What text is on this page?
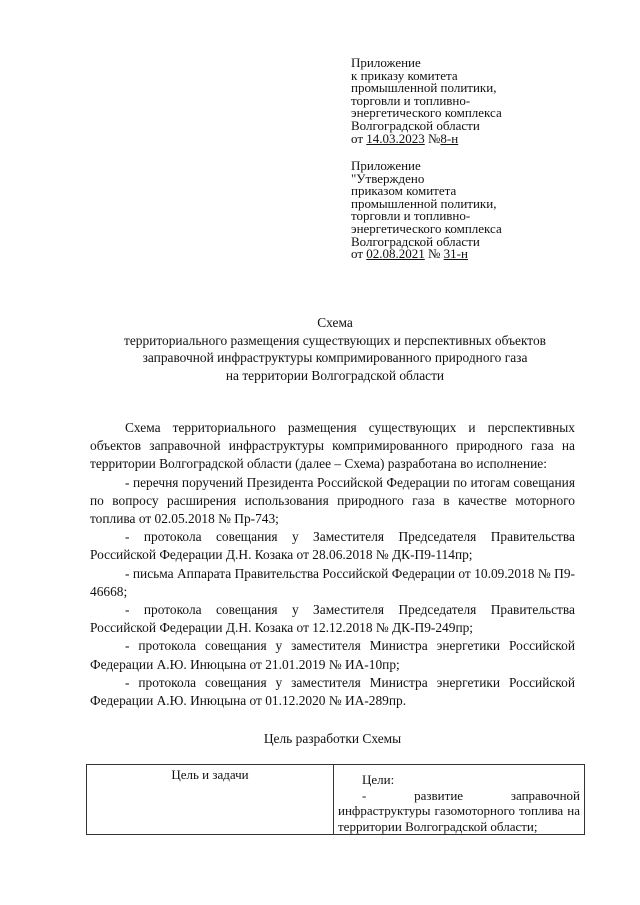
Приложение
к приказу комитета
промышленной политики,
торговли и топливно-
энергетического комплекса
Волгоградской области
от 14.03.2023 №8-н
Приложение
"Утверждено
приказом комитета
промышленной политики,
торговли и топливно-
энергетического комплекса
Волгоградской области
от 02.08.2021 № 31-н
Схема
территориального размещения существующих и перспективных объектов
заправочной инфраструктуры компримированного природного газа
на территории Волгоградской области

Схема территориального размещения существующих и перспективных объектов заправочной инфраструктуры компримированного природного газа на территории Волгоградской области (далее – Схема) разработана во исполнение:

- перечня поручений Президента Российской Федерации по итогам совещания по вопросу расширения использования природного газа в качестве моторного топлива от 02.05.2018 № Пр-743;

- протокола совещания у Заместителя Председателя Правительства Российской Федерации Д.Н. Козака от 28.06.2018 № ДК-П9-114пр;

- письма Аппарата Правительства Российской Федерации от 10.09.2018 № П9-46668;

- протокола совещания у Заместителя Председателя Правительства Российской Федерации Д.Н. Козака от 12.12.2018 № ДК-П9-249пр;

- протокола совещания у заместителя Министра энергетики Российской Федерации А.Ю. Инюцына от 21.01.2019 № ИА-10пр;

- протокола совещания у заместителя Министра энергетики Российской Федерации А.Ю. Инюцына от 01.12.2020 № ИА-289пр.

Цель разработки Схемы
Цель и задачи	Цели:

- развитие заправочной

инфраструктуры газомоторного топлива на территории Волгоградской области;
